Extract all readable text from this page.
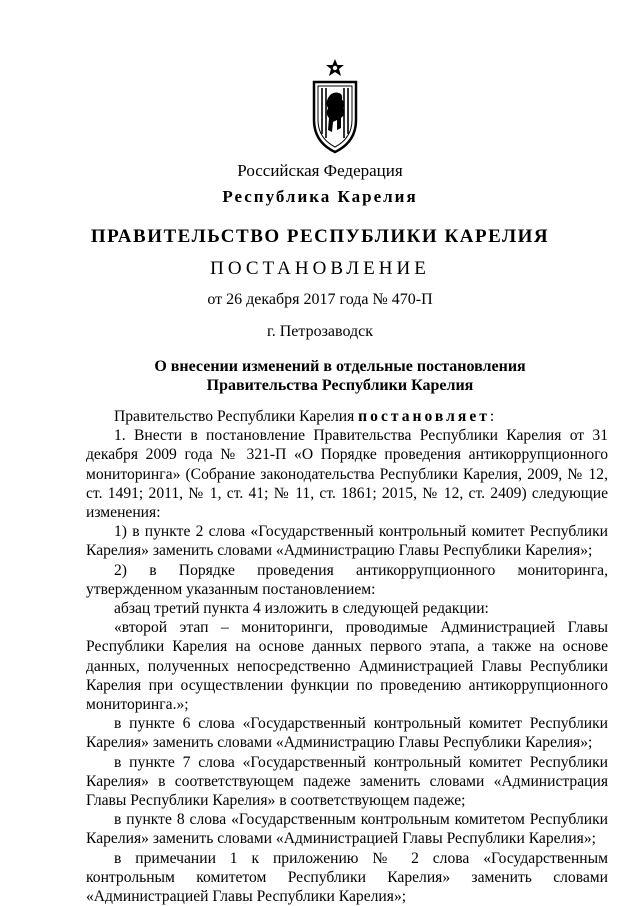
Российская Федерация
Республика Карелия
ПРАВИТЕЛЬСТВО РЕСПУБЛИКИ КАРЕЛИЯ
ПОСТАНОВЛЕНИЕ
от 26 декабря 2017 года № 470-П
г. Петрозаводск
О внесении изменений в отдельные постановления
Правительства Республики Карелия

Правительство Республики Карелия постановляет:

1. Внести в постановление Правительства Республики Карелия от 31 декабря 2009 года № 321-П «О Порядке проведения антикоррупционного мониторинга» (Собрание законодательства Республики Карелия, 2009, № 12, ст. 1491; 2011, № 1, ст. 41; № 11, ст. 1861; 2015, № 12, ст. 2409) следующие изменения:

1) в пункте 2 слова «Государственный контрольный комитет Республики Карелия» заменить словами «Администрацию Главы Республики Карелия»;

2) в Порядке проведения антикоррупционного мониторинга, утвержденном указанным постановлением:

абзац третий пункта 4 изложить в следующей редакции:

«второй этап – мониторинги, проводимые Администрацией Главы Республики Карелия на основе данных первого этапа, а также на основе данных, полученных непосредственно Администрацией Главы Республики Карелия при осуществлении функции по проведению антикоррупционного мониторинга.»;

в пункте 6 слова «Государственный контрольный комитет Республики Карелия» заменить словами «Администрацию Главы Республики Карелия»;

в пункте 7 слова «Государственный контрольный комитет Республики Карелия» в соответствующем падеже заменить словами «Администрация Главы Республики Карелия» в соответствующем падеже;

в пункте 8 слова «Государственным контрольным комитетом Республики Карелия» заменить словами «Администрацией Главы Республики Карелия»;

в примечании 1 к приложению № 2 слова «Государственным контрольным комитетом Республики Карелия» заменить словами «Администрацией Главы Республики Карелия»;
